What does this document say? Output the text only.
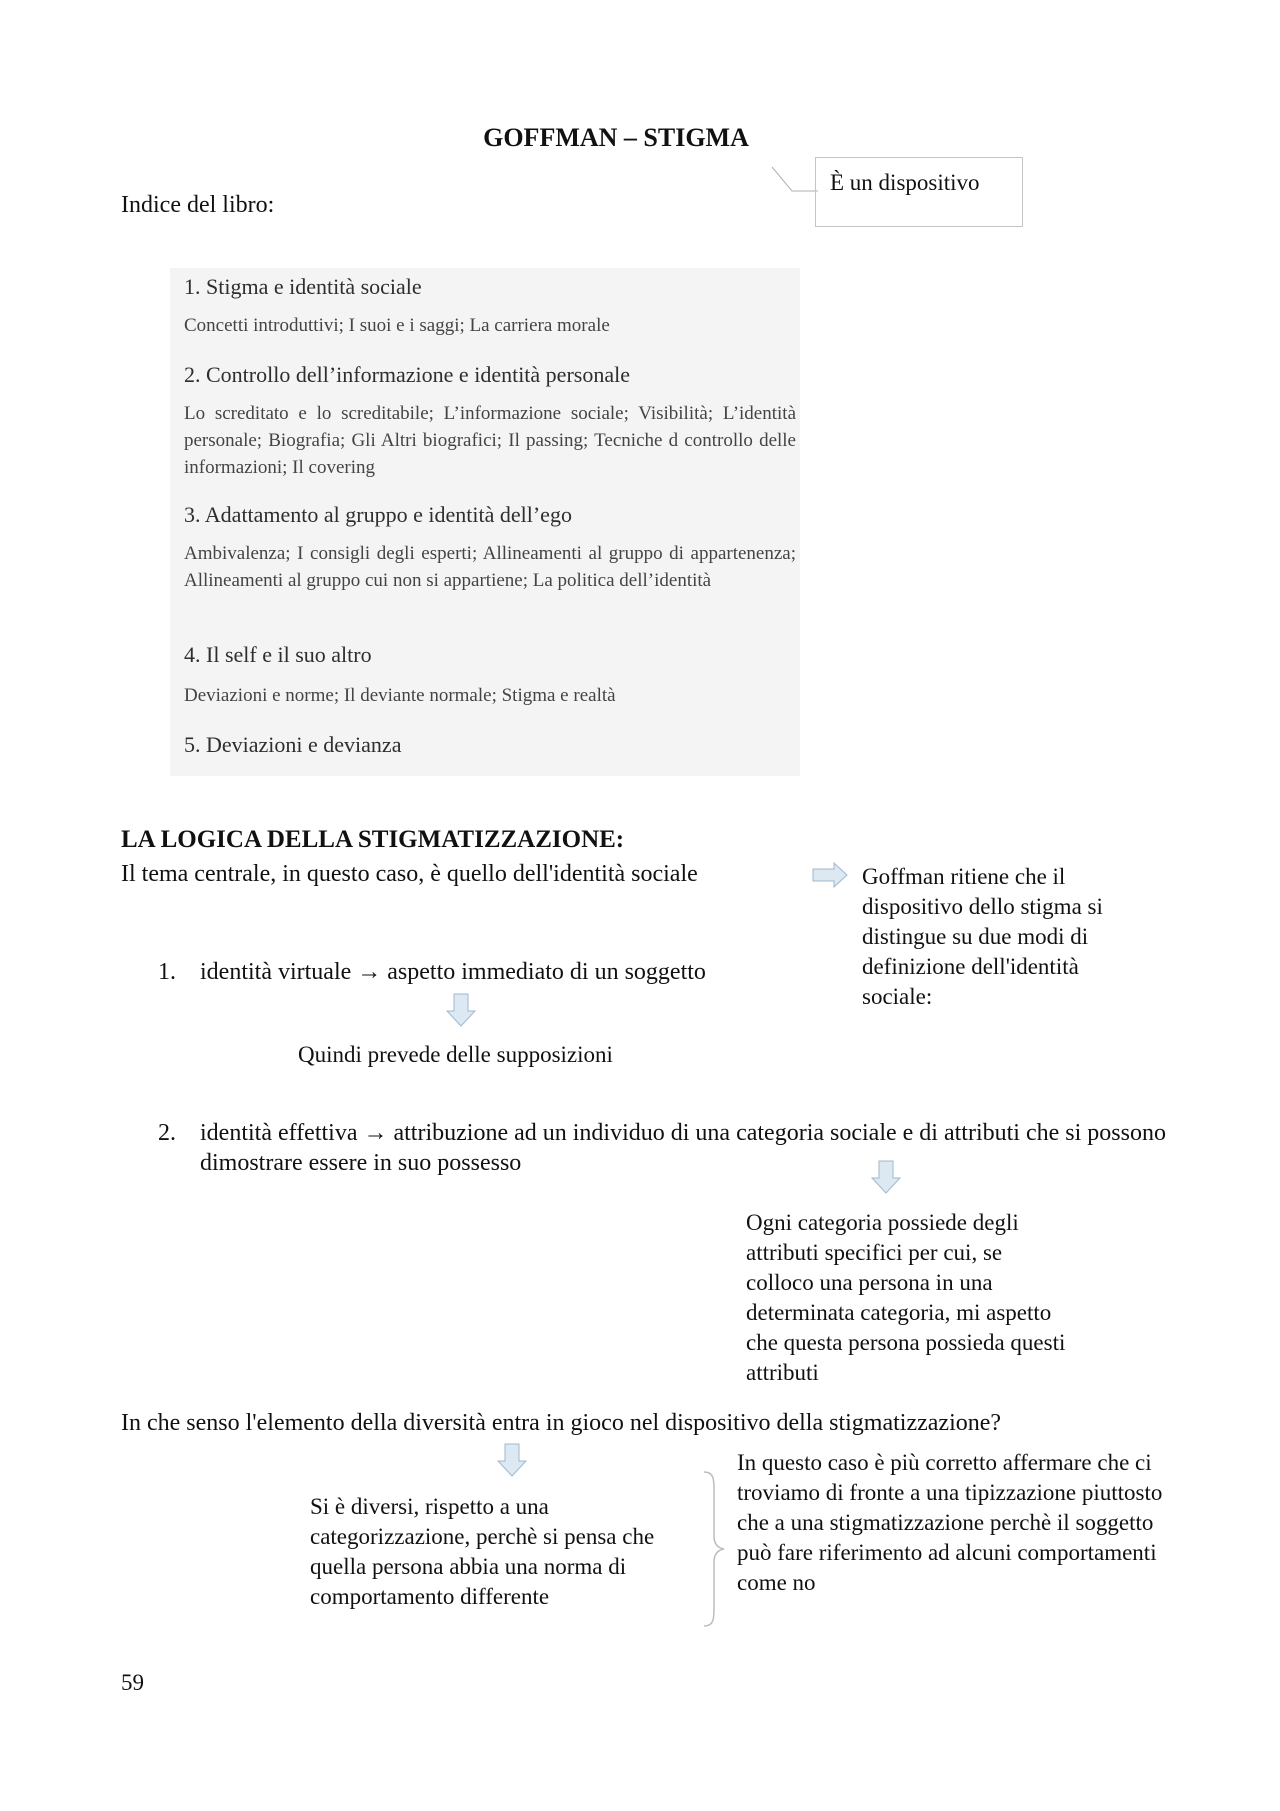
GOFFMAN – STIGMA
È un dispositivo
Indice del libro:
1. Stigma e identità sociale
Concetti introduttivi; I suoi e i saggi; La carriera morale
2. Controllo dell’informazione e identità personale
Lo screditato e lo screditabile; L’informazione sociale; Visibilità; L’identità personale; Biografia; Gli Altri biografici; Il passing; Tecniche d controllo delle informazioni; Il covering
3. Adattamento al gruppo e identità dell’ego
Ambivalenza; I consigli degli esperti; Allineamenti al gruppo di appartenenza; Allineamenti al gruppo cui non si appartiene; La politica dell’identità
4. Il self e il suo altro
Deviazioni e norme; Il deviante normale; Stigma e realtà
5. Deviazioni e devianza
LA LOGICA DELLA STIGMATIZZAZIONE:
Il tema centrale, in questo caso, è quello dell'identità sociale	Goffman ritiene che il dispositivo dello stigma si distingue su due modi di definizione dell'identità sociale:
1. identità virtuale → aspetto immediato di un soggetto
Quindi prevede delle supposizioni
2. identità effettiva → attribuzione ad un individuo di una categoria sociale e di attributi che si possono dimostrare essere in suo possesso
Ogni categoria possiede degli attributi specifici per cui, se colloco una persona in una determinata categoria, mi aspetto che questa persona possieda questi attributi
In che senso l'elemento della diversità entra in gioco nel dispositivo della stigmatizzazione?
Si è diversi, rispetto a una categorizzazione, perchè si pensa che quella persona abbia una norma di comportamento differente
In questo caso è più corretto affermare che ci troviamo di fronte a una tipizzazione piuttosto che a una stigmatizzazione perchè il soggetto può fare riferimento ad alcuni comportamenti come no
59
